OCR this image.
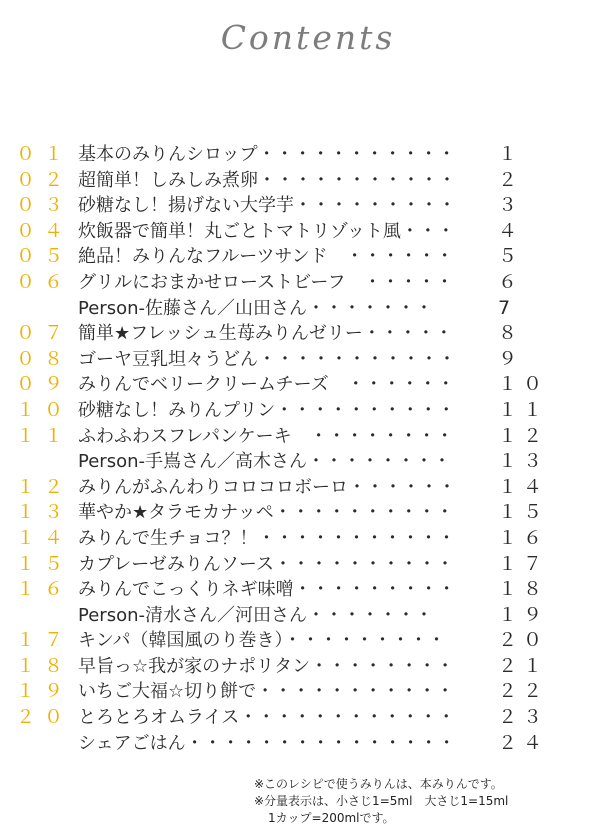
Contents
０１ 基本のみりんシロップ・・・・・・・・・・・ １
０２ 超簡単！しみしみ煮卵・・・・・・・・・・・ ２
０３ 砂糖なし！揚げない大学芋・・・・・・・・・ ３
０４ 炊飯器で簡単！丸ごとトマトリゾット風・・・ ４
０５ 絶品！みりんなフルーツサンド　・・・・・・ ５
０６ グリルにおまかせローストビーフ　・・・・・ ６
Person-佐藤さん／山田さん・・・・・・・	7
０７ 簡単★フレッシュ生苺みりんゼリー・・・・・ ８
０８ ゴーヤ豆乳坦々うどん・・・・・・・・・・・ ９
０９ みりんでベリークリームチーズ　・・・・・・ １０
１０ 砂糖なし！みりんプリン・・・・・・・・・・ １１
１１ ふわふわスフレパンケーキ　・・・・・・・・ １２
Person-手嶌さん／高木さん・・・・・・・・ １３
１２ みりんがふんわりコロコロボーロ・・・・・・ １４
１３ 華やか★タラモカナッペ・・・・・・・・・・ １５
１４ みりんで生チョコ？！・・・・・・・・・・・ １６
１５ カプレーゼみりんソース・・・・・・・・・・ １７
１６ みりんでこっくりネギ味噌・・・・・・・・・ １８
Person-清水さん／河田さん・・・・・・・	１９
１７ キンパ（韓国風のり巻き）・・・・・・・・・	２０
１８ 早旨っ☆我が家のナポリタン・・・・・・・・ ２１
１９ いちご大福☆切り餅で・・・・・・・・・・・ ２２
２０ とろとろオムライス・・・・・・・・・・・・ ２３
シェアごはん・・・・・・・・・・・・・・・ ２４
※このレシピで使うみりんは、本みりんです。
※分量表示は、小さじ1=5ml　大さじ1=15ml
1カップ=200mlです。
